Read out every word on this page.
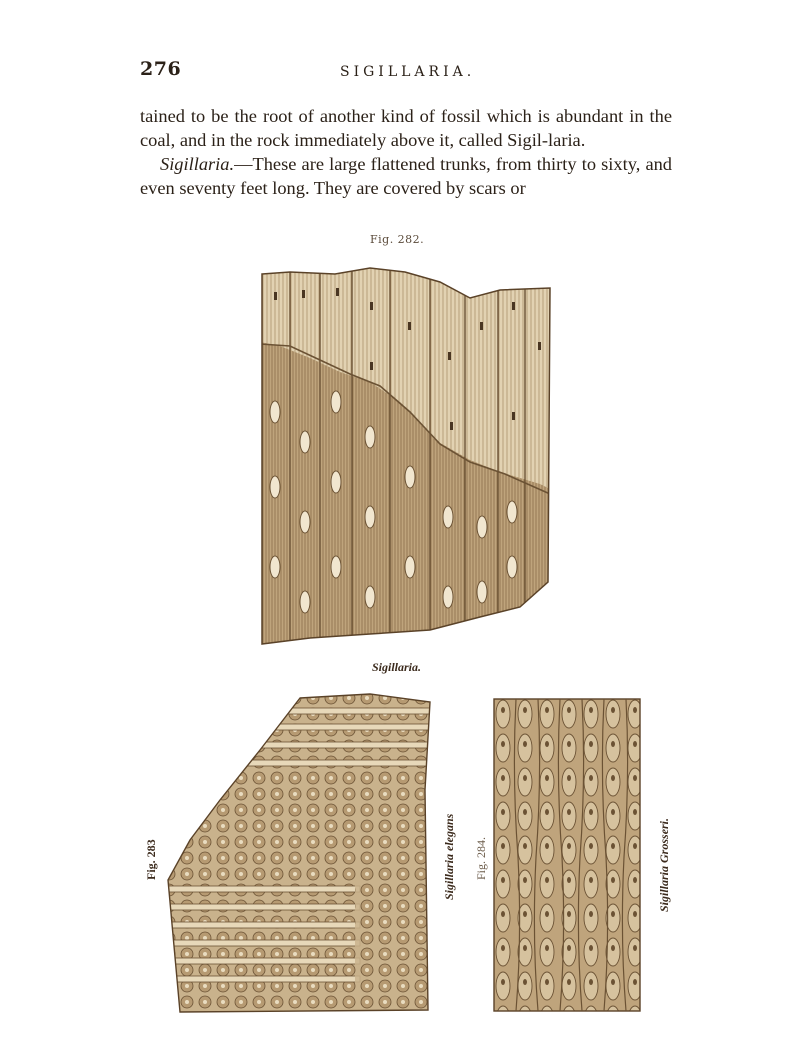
276	SIGILLARIA.

tained to be the root of another kind of fossil which is abundant in the coal, and in the rock immediately above it, called Sigil-laria.

Sigillaria.—These are large flattened trunks, from thirty to sixty, and even seventy feet long. They are covered by scars or

Fig. 282.
Sigillaria.
Fig. 283	Sigillaria elegans Fig. 284.	Sigillaria Grosseri.
